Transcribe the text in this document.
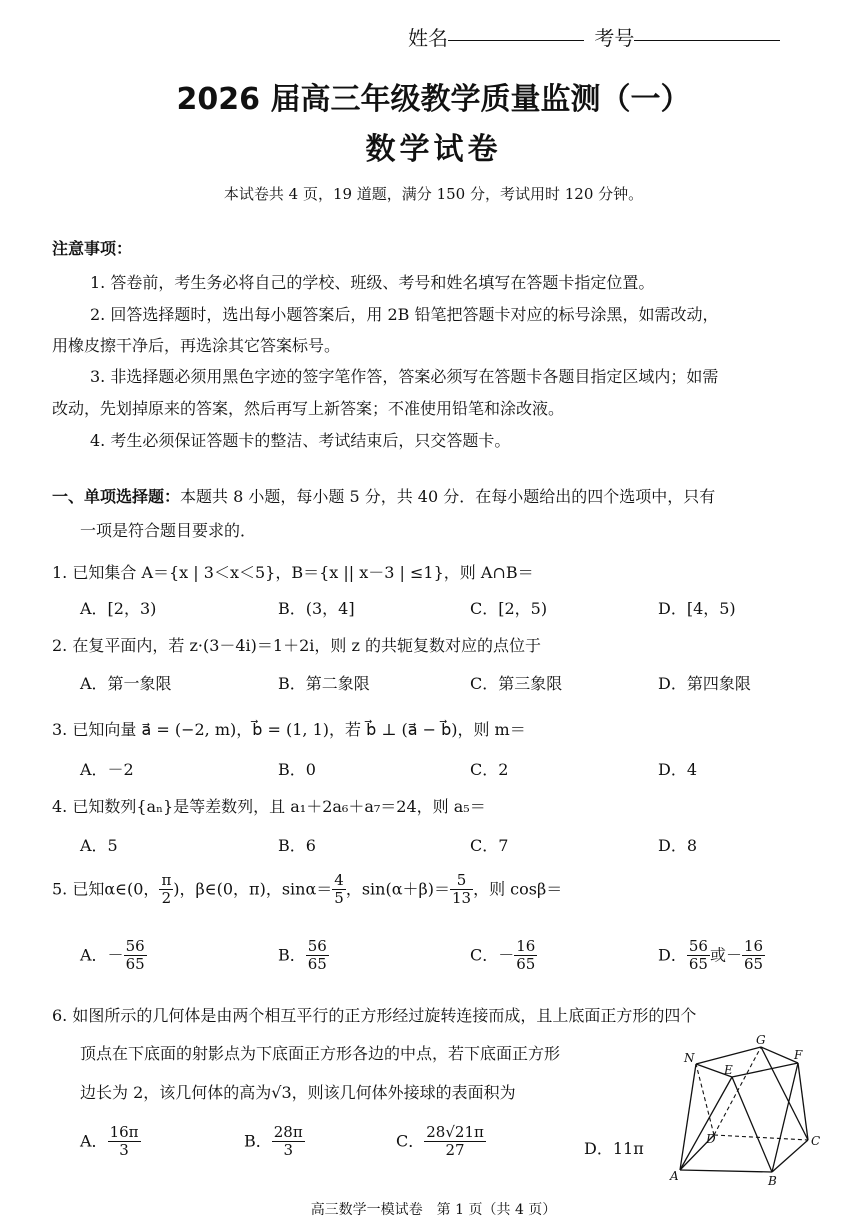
姓名	考号
2026 届高三年级教学质量监测（一）
数学试卷
本试卷共 4 页，19 道题，满分 150 分，考试用时 120 分钟。
注意事项：
1. 答卷前，考生务必将自己的学校、班级、考号和姓名填写在答题卡指定位置。
2. 回答选择题时，选出每小题答案后，用 2B 铅笔把答题卡对应的标号涂黑，如需改动，
用橡皮擦干净后，再选涂其它答案标号。
3. 非选择题必须用黑色字迹的签字笔作答，答案必须写在答题卡各题目指定区域内；如需
改动，先划掉原来的答案，然后再写上新答案；不准使用铅笔和涂改液。
4. 考生必须保证答题卡的整洁、考试结束后，只交答题卡。
一、单项选择题：本题共 8 小题，每小题 5 分，共 40 分．在每小题给出的四个选项中，只有
一项是符合题目要求的．
1. 已知集合 A＝{x | 3＜x＜5}，B＝{x || x－3 | ≤1}，则 A∩B＝
A．[2，3)	B．(3，4]	C．[2，5)	D．[4，5)
2. 在复平面内，若 z·(3－4i)＝1＋2i，则 z 的共轭复数对应的点位于
A．第一象限	B．第二象限	C．第三象限	D．第四象限
3. 已知向量 a⃗ = (−2, m)，b⃗ = (1, 1)，若 b⃗ ⊥ (a⃗ − b⃗)，则 m＝
A．－2	B．0	C．2	D．4
4. 已知数列{aₙ}是等差数列，且 a₁＋2a₆＋a₇＝24，则 a₅＝
A．5	B．6	C．7	D．8
5. 已知α∈(0， $\frac{\pi}{2}$ )，β∈(0，π)，$\sin\alpha= \frac{4}{5}$ ，$\sin(\alpha+\beta)= \frac{5}{13}$ ，则 cosβ＝
A．－ $\frac{56}{65}$	B． $\frac{56}{65}$	C．－ $\frac{16}{65}$	D． $\frac{56}{65}$ 或－ $\frac{16}{65}$
6. 如图所示的几何体是由两个相互平行的正方形经过旋转连接而成，且上底面正方形的四个
顶点在下底面的射影点为下底面正方形各边的中点，若下底面正方形
边长为 2，该几何体的高为√3，则该几何体外接球的表面积为
A． $\frac{16\pi}{3}$	B． $\frac{28\pi}{3}$	C． $\frac{28√21\pi}{27}$	D．11π
N
G
E
F
D	C
A	B
高三数学一模试卷　第 1 页（共 4 页）
